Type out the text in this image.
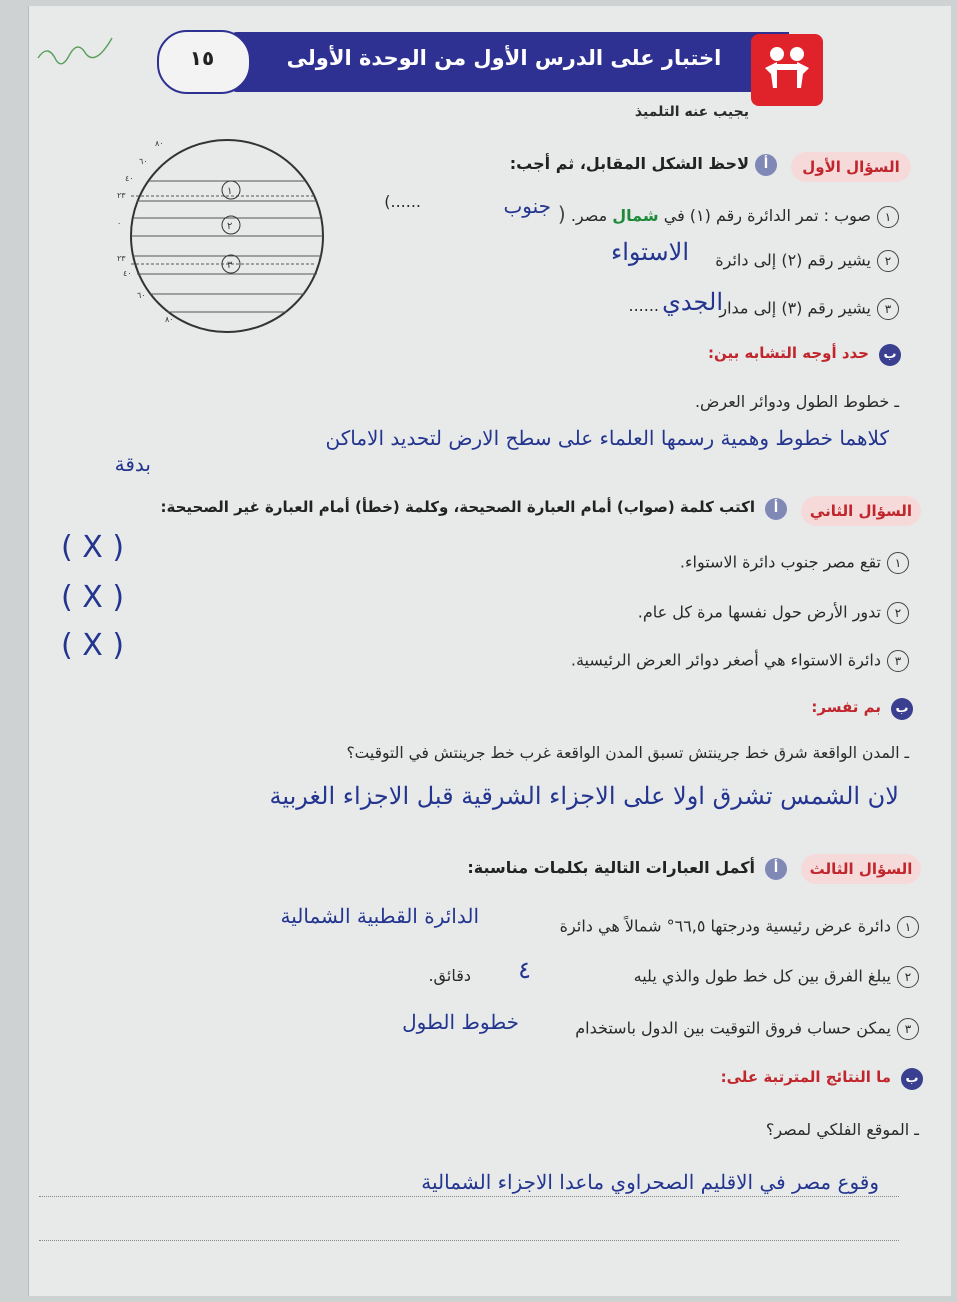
اختبار على الدرس الأول من الوحدة الأولى
١٥
يجيب عنه التلميذ
٨٠
٦٠
٤٠
٢٣
٠
٢٣
٤٠
٦٠
٨٠
١
٢
٣
السؤال الأول
أ
لاحظ الشكل المقابل، ثم أجب:
١صوب : تمر الدائرة رقم (١) في شمال مصر. (
جنوب
......)
٢يشير رقم (٢) إلى دائرة
الاستواء
٣يشير رقم (٣) إلى مدار
الجدي
......
ب
حدد أوجه التشابه بين:
ـ خطوط الطول ودوائر العرض.
كلاهما خطوط وهمية رسمها العلماء على سطح الارض لتحديد الاماكن
بدقة
السؤال الثاني
أ
اكتب كلمة (صواب) أمام العبارة الصحيحة، وكلمة (خطأ) أمام العبارة غير الصحيحة:
١تقع مصر جنوب دائرة الاستواء.
( X )
٢تدور الأرض حول نفسها مرة كل عام.
( X )
٣دائرة الاستواء هي أصغر دوائر العرض الرئيسية.
( X )
ب
بم تفسر:
ـ المدن الواقعة شرق خط جرينتش تسبق المدن الواقعة غرب خط جرينتش في التوقيت؟
لان الشمس تشرق اولا على الاجزاء الشرقية قبل الاجزاء الغربية
السؤال الثالث
أ
أكمل العبارات التالية بكلمات مناسبة:
١دائرة عرض رئيسية ودرجتها ٦٦,٥° شمالاً هي دائرة
الدائرة القطبية الشمالية
٢يبلغ الفرق بين كل خط طول والذي يليه
٤
دقائق.
٣يمكن حساب فروق التوقيت بين الدول باستخدام
خطوط الطول
ب
ما النتائج المترتبة على:
ـ الموقع الفلكي لمصر؟
وقوع مصر في الاقليم الصحراوي ماعدا الاجزاء الشمالية
